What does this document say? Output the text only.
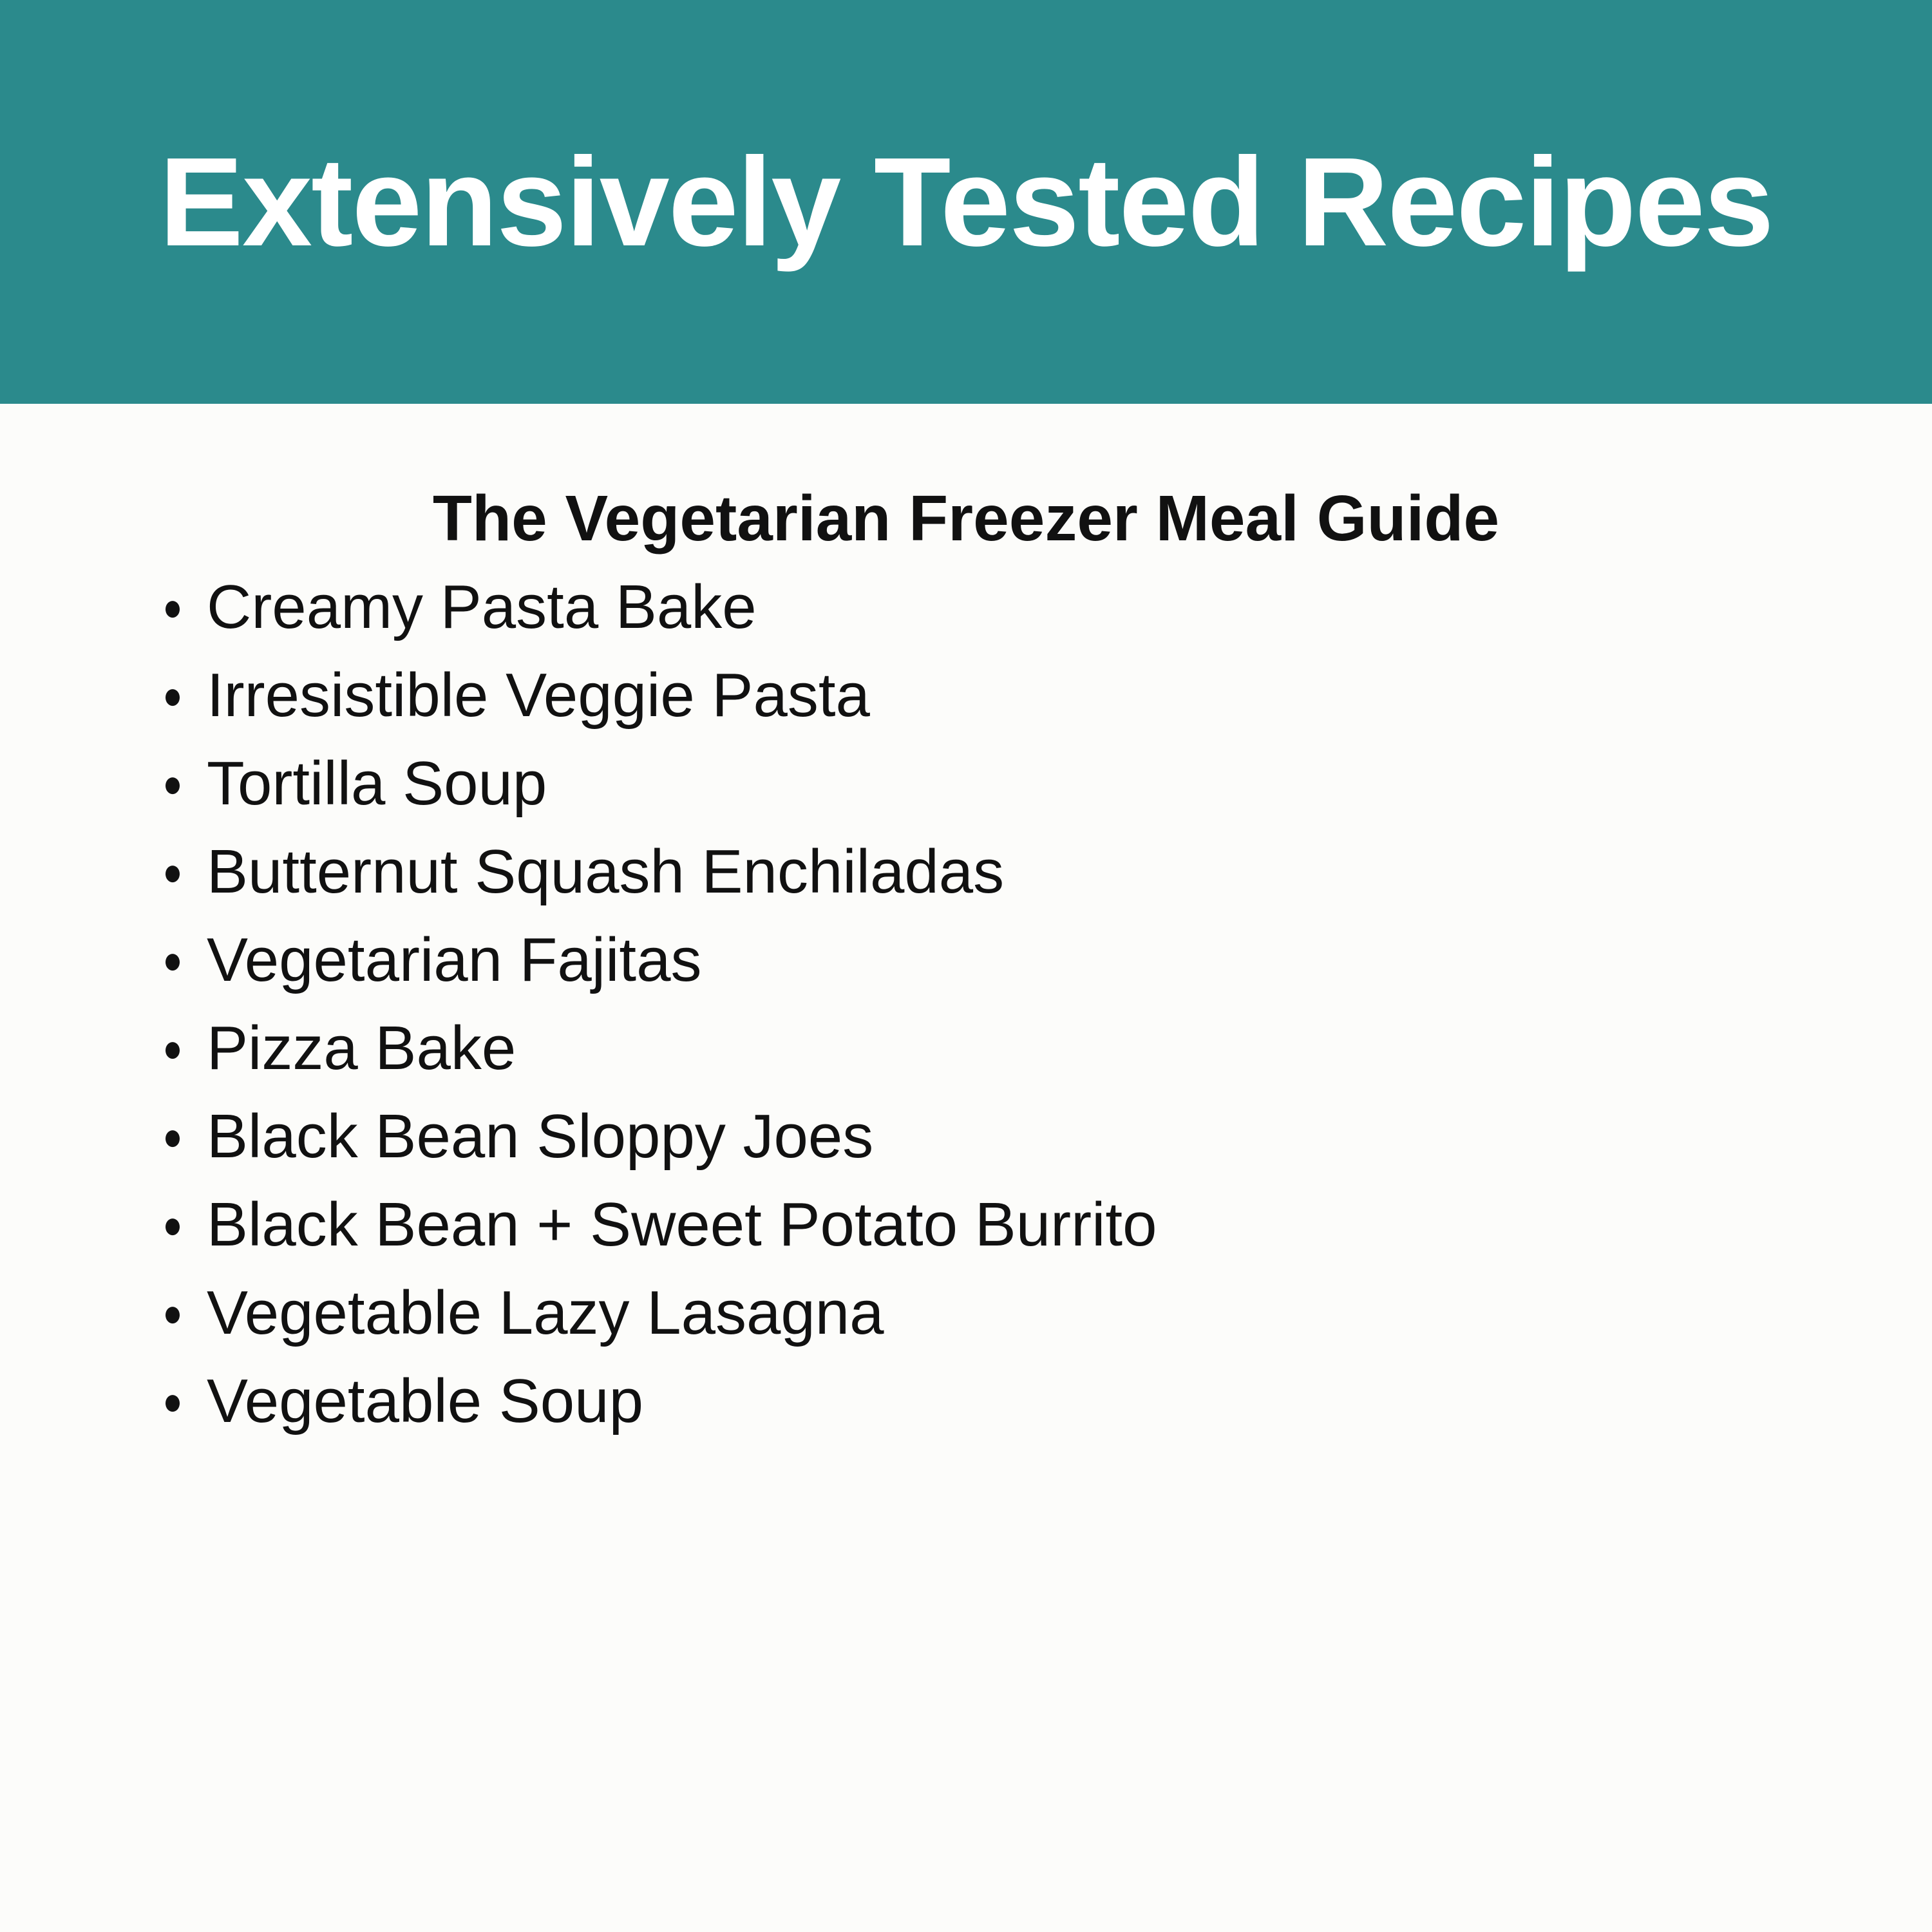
Extensively Tested Recipes
The Vegetarian Freezer Meal Guide
Creamy Pasta Bake
Irresistible Veggie Pasta
Tortilla Soup
Butternut Squash Enchiladas
Vegetarian Fajitas
Pizza Bake
Black Bean Sloppy Joes
Black Bean + Sweet Potato Burrito
Vegetable Lazy Lasagna
Vegetable Soup
